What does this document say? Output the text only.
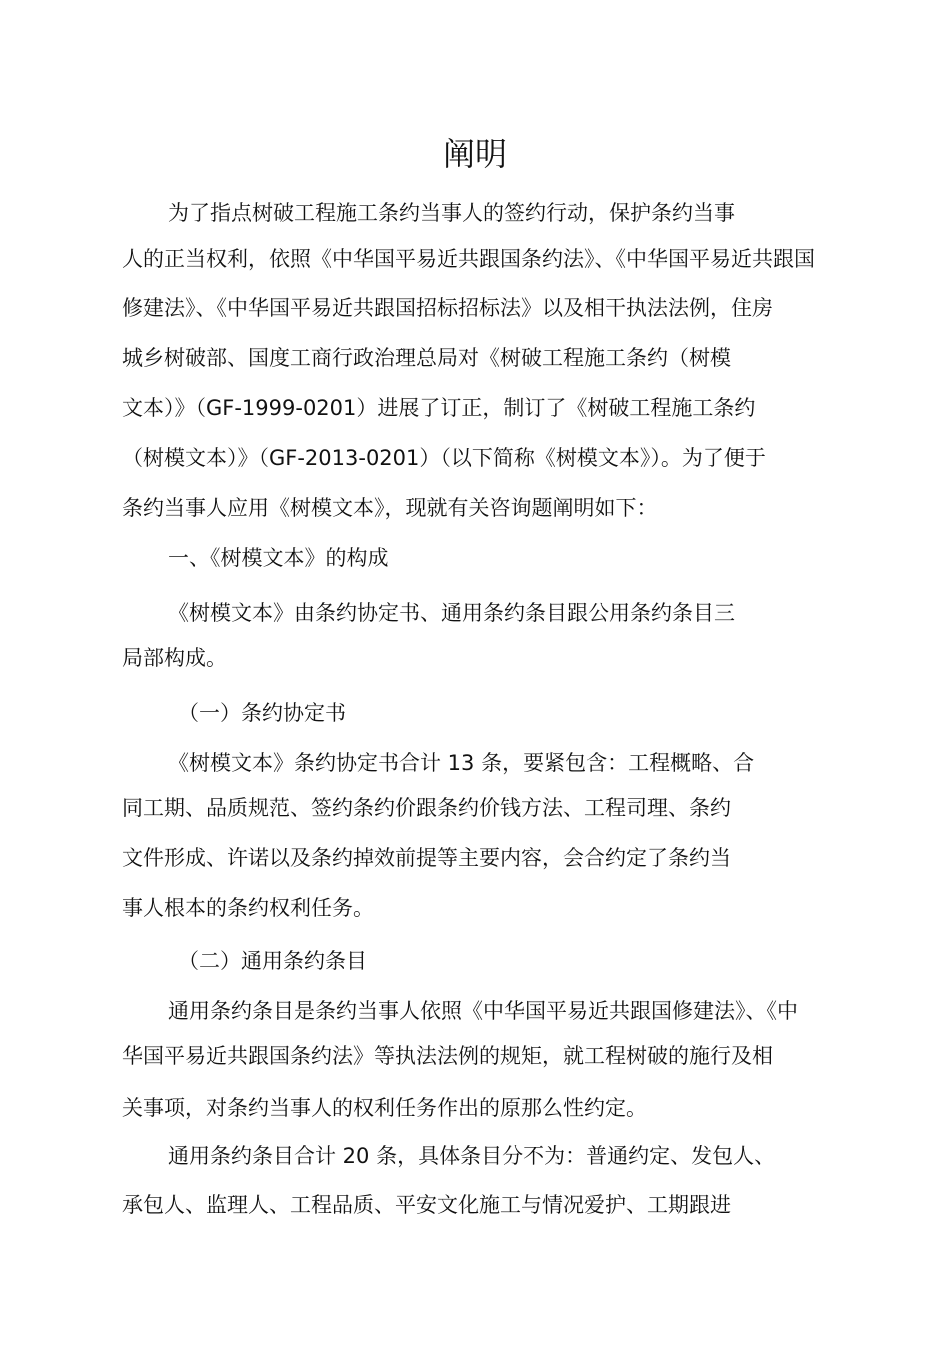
阐明
为了指点树破工程施工条约当事人的签约行动，保护条约当事
人的正当权利，依照《中华国平易近共跟国条约法》、《中华国平易近共跟国
修建法》、《中华国平易近共跟国招标招标法》以及相干执法法例，住房
城乡树破部、国度工商行政治理总局对《树破工程施工条约（树模
文本）》（GF-1999-0201）进展了订正，制订了《树破工程施工条约
（树模文本）》（GF-2013-0201）（以下简称《树模文本》）。为了便于
条约当事人应用《树模文本》，现就有关咨询题阐明如下：
一、《树模文本》的构成
《树模文本》由条约协定书、通用条约条目跟公用条约条目三
局部构成。
（一）条约协定书
《树模文本》条约协定书合计 13 条，要紧包含：工程概略、合
同工期、品质规范、签约条约价跟条约价钱方法、工程司理、条约
文件形成、许诺以及条约掉效前提等主要内容，会合约定了条约当
事人根本的条约权利任务。
（二）通用条约条目
通用条约条目是条约当事人依照《中华国平易近共跟国修建法》、《中
华国平易近共跟国条约法》等执法法例的规矩，就工程树破的施行及相
关事项，对条约当事人的权利任务作出的原那么性约定。
通用条约条目合计 20 条，具体条目分不为：普通约定、发包人、
承包人、监理人、工程品质、平安文化施工与情况爱护、工期跟进
